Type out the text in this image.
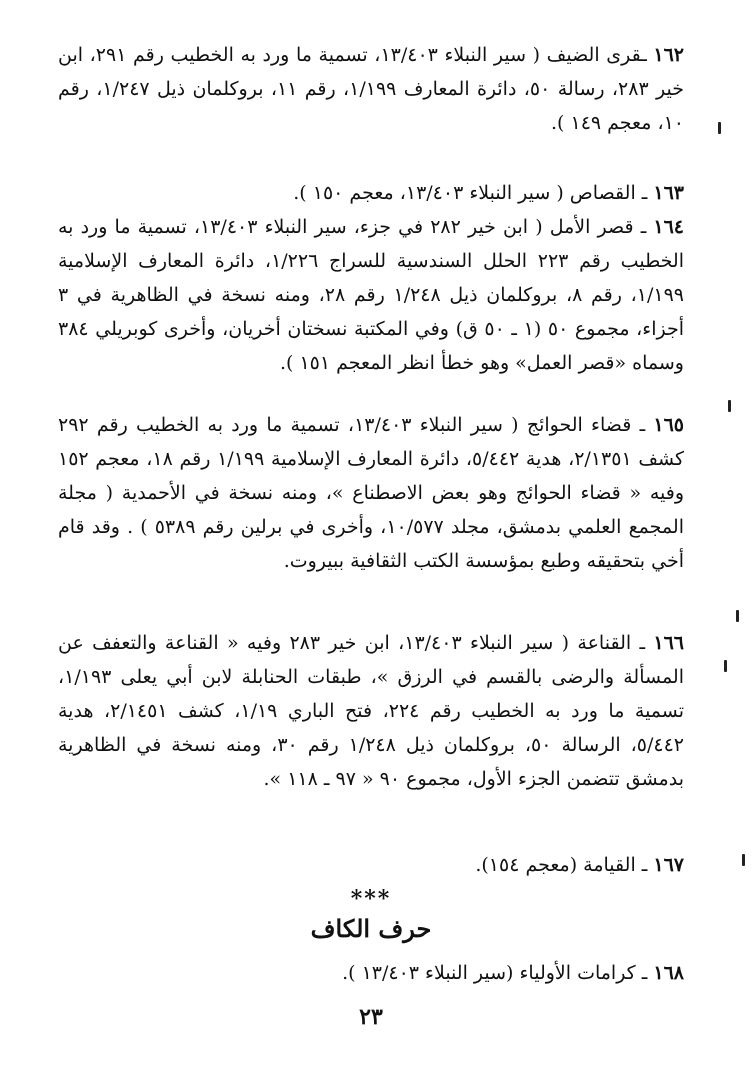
١٦٢ ـقرى الضيف ( سير النبلاء ١٣/٤٠٣، تسمية ما ورد به الخطيب رقم ٢٩١، ابن خير ٢٨٣، رسالة ٥٠، دائرة المعارف ١/١٩٩، رقم ١١، بروكلمان ذيل ١/٢٤٧، رقم ١٠، معجم ١٤٩ ).

١٦٣ ـ القصاص ( سير النبلاء ١٣/٤٠٣، معجم ١٥٠ ).

١٦٤ ـ قصر الأمل ( ابن خير ٢٨٢ في جزء، سير النبلاء ١٣/٤٠٣، تسمية ما ورد به الخطيب رقم ٢٢٣ الحلل السندسية للسراج ١/٢٢٦، دائرة المعارف الإسلامية ١/١٩٩، رقم ٨، بروكلمان ذيل ١/٢٤٨ رقم ٢٨، ومنه نسخة في الظاهرية في ٣ أجزاء، مجموع ٥٠ (١ ـ ٥٠ ق) وفي المكتبة نسختان أخريان، وأخرى كوبريلي ٣٨٤ وسماه «قصر العمل» وهو خطأ انظر المعجم ١٥١ ).

١٦٥ ـ قضاء الحوائج ( سير النبلاء ١٣/٤٠٣، تسمية ما ورد به الخطيب رقم ٢٩٢ كشف ٢/١٣٥١، هدية ٥/٤٤٢، دائرة المعارف الإسلامية ١/١٩٩ رقم ١٨، معجم ١٥٢ وفيه « قضاء الحوائج وهو بعض الاصطناع »، ومنه نسخة في الأحمدية ( مجلة المجمع العلمي بدمشق، مجلد ١٠/٥٧٧، وأخرى في برلين رقم ٥٣٨٩ ) . وقد قام أخي بتحقيقه وطبع بمؤسسة الكتب الثقافية ببيروت.

١٦٦ ـ القناعة ( سير النبلاء ١٣/٤٠٣، ابن خير ٢٨٣ وفيه « القناعة والتعفف عن المسألة والرضى بالقسم في الرزق »، طبقات الحنابلة لابن أبي يعلى ١/١٩٣، تسمية ما ورد به الخطيب رقم ٢٢٤، فتح الباري ١/١٩، كشف ٢/١٤٥١، هدية ٥/٤٤٢، الرسالة ٥٠، بروكلمان ذيل ١/٢٤٨ رقم ٣٠، ومنه نسخة في الظاهرية بدمشق تتضمن الجزء الأول، مجموع ٩٠ « ٩٧ ـ ١١٨ ».

١٦٧ ـ القيامة (معجم ١٥٤).

***
حرف الكاف

١٦٨ ـ كرامات الأولياء (سير النبلاء ١٣/٤٠٣ ).

٢٣
